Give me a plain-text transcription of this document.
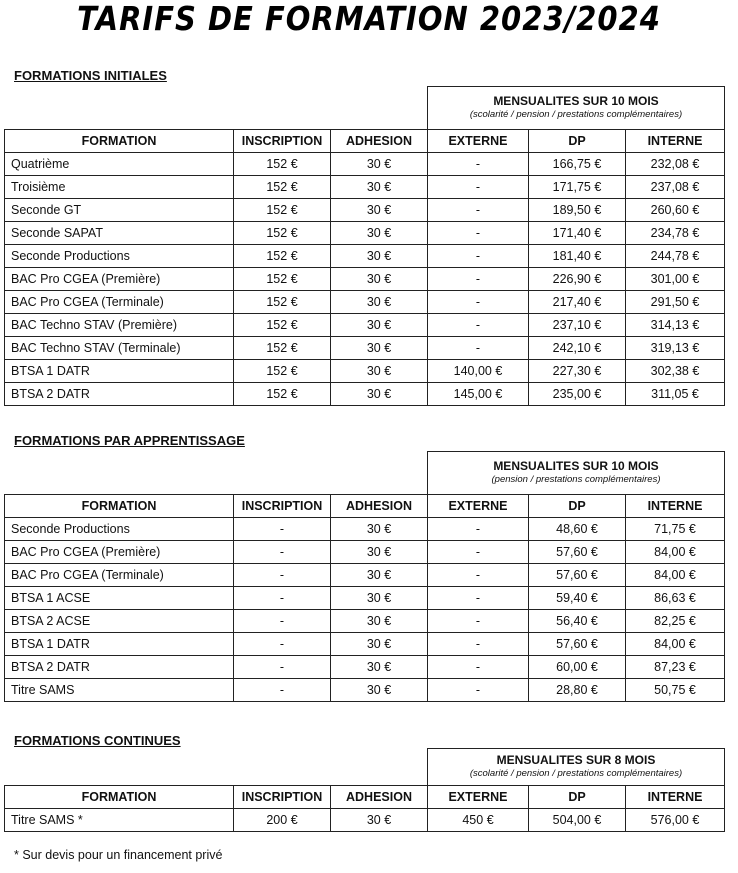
TARIFS DE FORMATION 2023/2024
FORMATIONS INITIALES

			MENSUALITES SUR 10 MOIS
(scolarité / pension / prestations complémentaires)		

FORMATION	INSCRIPTION	ADHESION	EXTERNE	DP	INTERNE
Quatrième	152 €	30 €	-	166,75 €	232,08 €
Troisième	152 €	30 €	-	171,75 €	237,08 €
Seconde GT	152 €	30 €	-	189,50 €	260,60 €
Seconde SAPAT	152 €	30 €	-	171,40 €	234,78 €
Seconde Productions	152 €	30 €	-	181,40 €	244,78 €
BAC Pro CGEA (Première)	152 €	30 €	-	226,90 €	301,00 €
BAC Pro CGEA (Terminale)	152 €	30 €	-	217,40 €	291,50 €
BAC Techno STAV (Première)	152 €	30 €	-	237,10 €	314,13 €
BAC Techno STAV (Terminale)	152 €	30 €	-	242,10 €	319,13 €
BTSA 1 DATR	152 €	30 €	140,00 €	227,30 €	302,38 €
BTSA 2 DATR	152 €	30 €	145,00 €	235,00 €	311,05 €
FORMATIONS PAR APPRENTISSAGE

			MENSUALITES SUR 10 MOIS
(pension / prestations complémentaires)		

FORMATION	INSCRIPTION	ADHESION	EXTERNE	DP	INTERNE
Seconde Productions	-	30 €	-	48,60 €	71,75 €
BAC Pro CGEA (Première)	-	30 €	-	57,60 €	84,00 €
BAC Pro CGEA (Terminale)	-	30 €	-	57,60 €	84,00 €
BTSA 1 ACSE	-	30 €	-	59,40 €	86,63 €
BTSA 2 ACSE	-	30 €	-	56,40 €	82,25 €
BTSA 1 DATR	-	30 €	-	57,60 €	84,00 €
BTSA 2 DATR	-	30 €	-	60,00 €	87,23 €
Titre SAMS	-	30 €	-	28,80 €	50,75 €
FORMATIONS CONTINUES

			MENSUALITES SUR 8 MOIS
(scolarité / pension / prestations complémentaires)		

FORMATION	INSCRIPTION	ADHESION	EXTERNE	DP	INTERNE
Titre SAMS *	200 €	30 €	450 €	504,00 €	576,00 €
* Sur devis pour un financement privé
